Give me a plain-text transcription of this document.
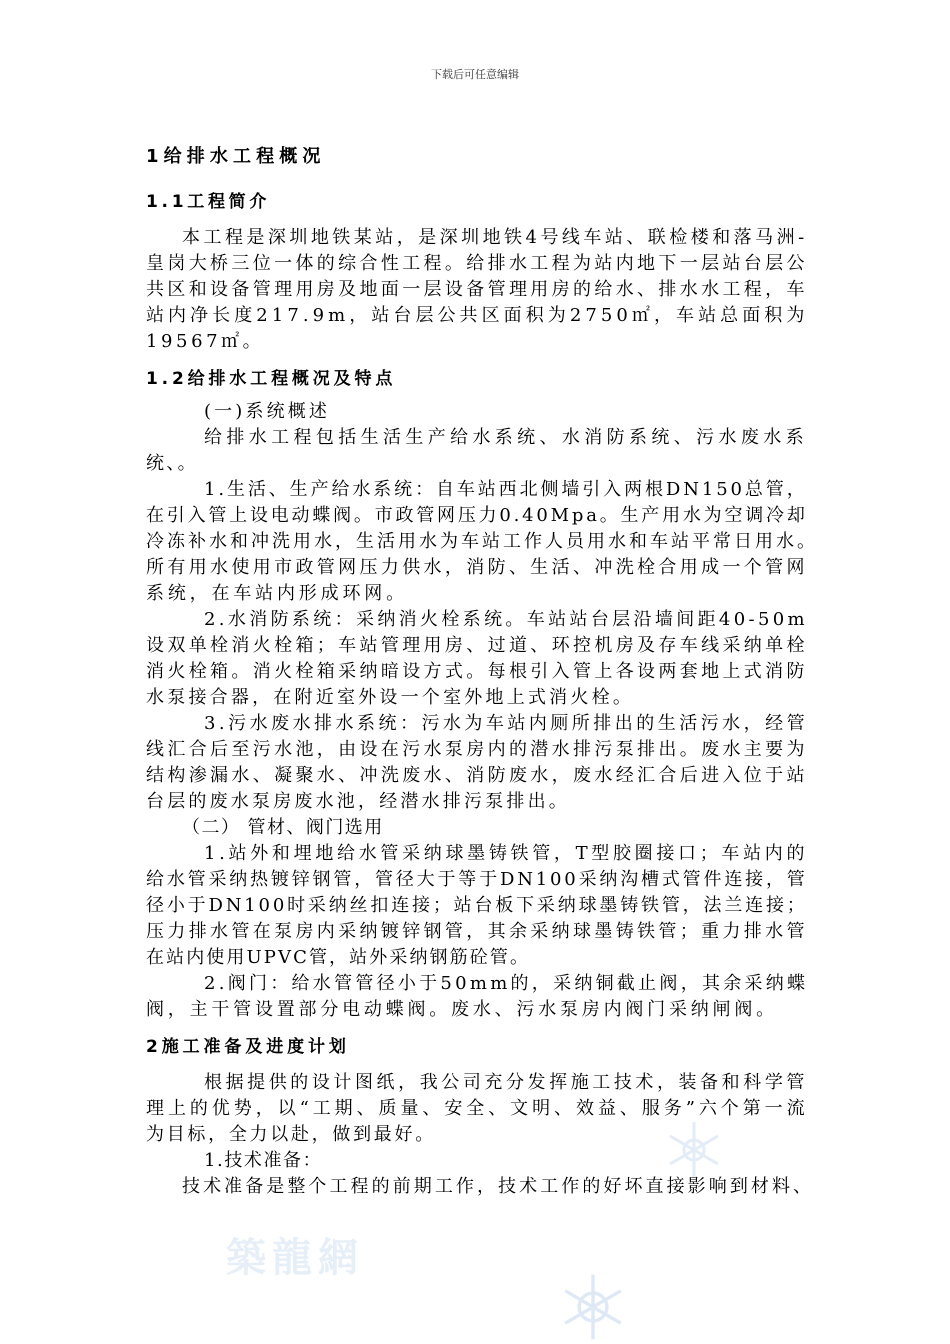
下载后可任意编辑
築龍網

1给排水工程概况

1.1工程简介

本工程是深圳地铁某站，是深圳地铁4号线车站、联检楼和落马洲-

皇岗大桥三位一体的综合性工程。给排水工程为站内地下一层站台层公

共区和设备管理用房及地面一层设备管理用房的给水、排水水工程，车

站内净长度217.9m，站台层公共区面积为2750㎡，车站总面积为

19567㎡。

1.2给排水工程概况及特点

(一)系统概述

给排水工程包括生活生产给水系统、水消防系统、污水废水系

统、。

1.生活、生产给水系统：自车站西北侧墙引入两根DN150总管，

在引入管上设电动蝶阀。市政管网压力0.40Mpa。生产用水为空调冷却

冷冻补水和冲洗用水，生活用水为车站工作人员用水和车站平常日用水。

所有用水使用市政管网压力供水，消防、生活、冲洗栓合用成一个管网

系统，在车站内形成环网。

2.水消防系统：采纳消火栓系统。车站站台层沿墙间距40-50m

设双单栓消火栓箱；车站管理用房、过道、环控机房及存车线采纳单栓

消火栓箱。消火栓箱采纳暗设方式。每根引入管上各设两套地上式消防

水泵接合器，在附近室外设一个室外地上式消火栓。

3.污水废水排水系统：污水为车站内厕所排出的生活污水，经管

线汇合后至污水池，由设在污水泵房内的潜水排污泵排出。废水主要为

结构渗漏水、凝聚水、冲洗废水、消防废水，废水经汇合后进入位于站

台层的废水泵房废水池，经潜水排污泵排出。

（二） 管材、阀门选用

1.站外和埋地给水管采纳球墨铸铁管，T型胶圈接口；车站内的

给水管采纳热镀锌钢管，管径大于等于DN100采纳沟槽式管件连接，管

径小于DN100时采纳丝扣连接；站台板下采纳球墨铸铁管，法兰连接；

压力排水管在泵房内采纳镀锌钢管，其余采纳球墨铸铁管；重力排水管

在站内使用UPVC管，站外采纳钢筋砼管。

2.阀门：给水管管径小于50mm的，采纳铜截止阀，其余采纳蝶

阀，主干管设置部分电动蝶阀。废水、污水泵房内阀门采纳闸阀。

2施工准备及进度计划

根据提供的设计图纸，我公司充分发挥施工技术，装备和科学管

理上的优势，以“工期、质量、安全、文明、效益、服务”六个第一流

为目标，全力以赴，做到最好。

1.技术准备：

技术准备是整个工程的前期工作，技术工作的好坏直接影响到材料、
